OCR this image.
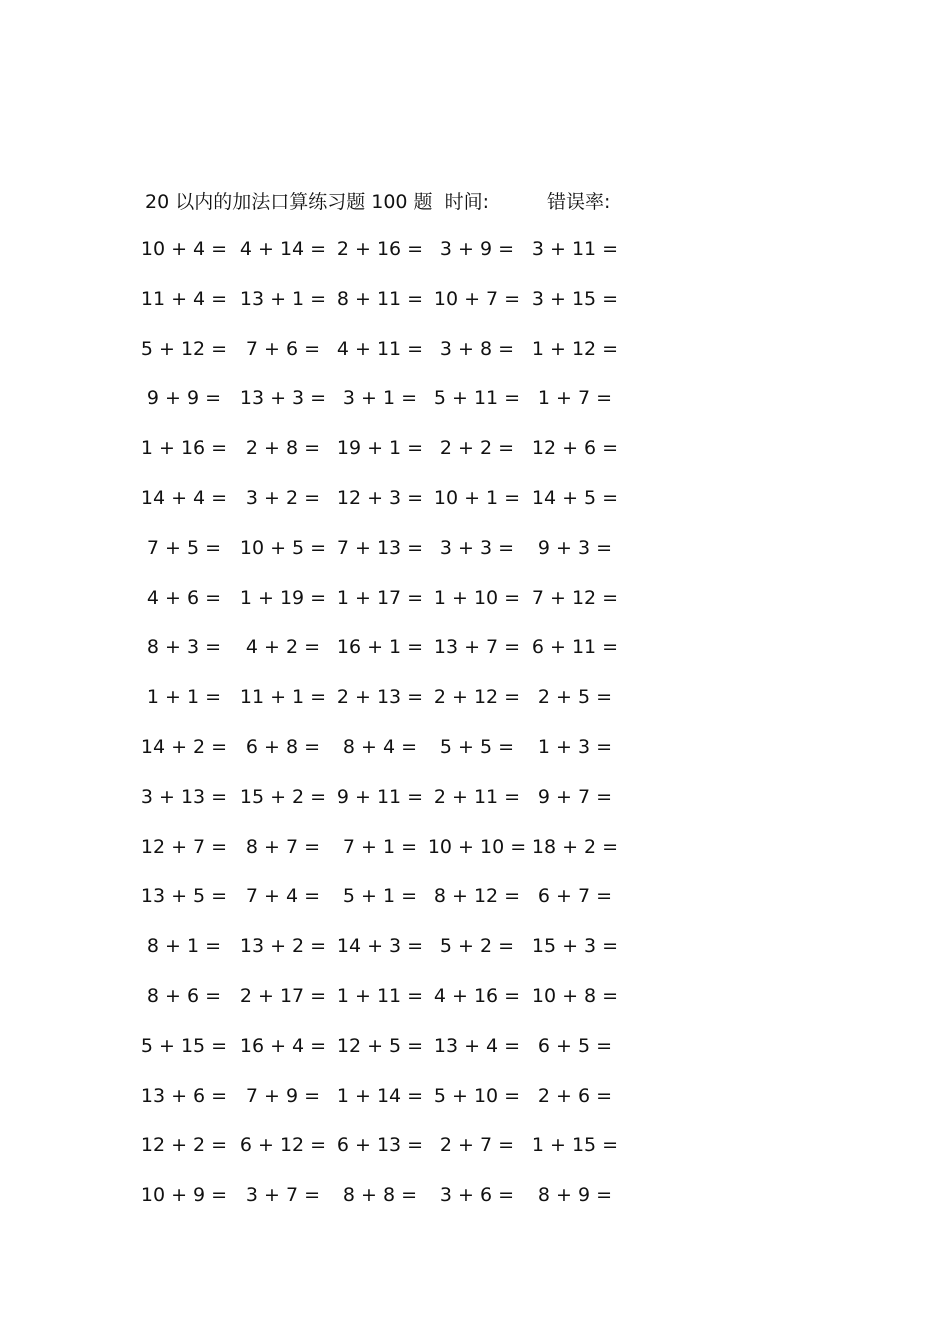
20 以内的加法口算练习题 100 题 时间:	错误率:
10 + 4 = 4 + 14 = 2 + 16 = 3 + 9 = 3 + 11 =
11 + 4 = 13 + 1 = 8 + 11 = 10 + 7 = 3 + 15 =
5 + 12 = 7 + 6 = 4 + 11 = 3 + 8 = 1 + 12 =
9 + 9 = 13 + 3 = 3 + 1 = 5 + 11 = 1 + 7 =
1 + 16 = 2 + 8 = 19 + 1 = 2 + 2 = 12 + 6 =
14 + 4 = 3 + 2 = 12 + 3 = 10 + 1 = 14 + 5 =
7 + 5 = 10 + 5 = 7 + 13 = 3 + 3 =	9 + 3 =
4 + 6 = 1 + 19 = 1 + 17 = 1 + 10 = 7 + 12 =
8 + 3 =	4 + 2 = 16 + 1 = 13 + 7 = 6 + 11 =
1 + 1 = 11 + 1 = 2 + 13 = 2 + 12 = 2 + 5 =
14 + 2 = 6 + 8 =	8 + 4 =	5 + 5 =	1 + 3 =
3 + 13 = 15 + 2 = 9 + 11 = 2 + 11 = 9 + 7 =
12 + 7 = 8 + 7 =	7 + 1 = 10 + 10 = 18 + 2 =
13 + 5 = 7 + 4 =	5 + 1 = 8 + 12 = 6 + 7 =
8 + 1 = 13 + 2 = 14 + 3 = 5 + 2 = 15 + 3 =
8 + 6 = 2 + 17 = 1 + 11 = 4 + 16 = 10 + 8 =
5 + 15 = 16 + 4 = 12 + 5 = 13 + 4 = 6 + 5 =
13 + 6 = 7 + 9 = 1 + 14 = 5 + 10 = 2 + 6 =
12 + 2 = 6 + 12 = 6 + 13 = 2 + 7 = 1 + 15 =
10 + 9 = 3 + 7 =	8 + 8 =	3 + 6 =	8 + 9 =
